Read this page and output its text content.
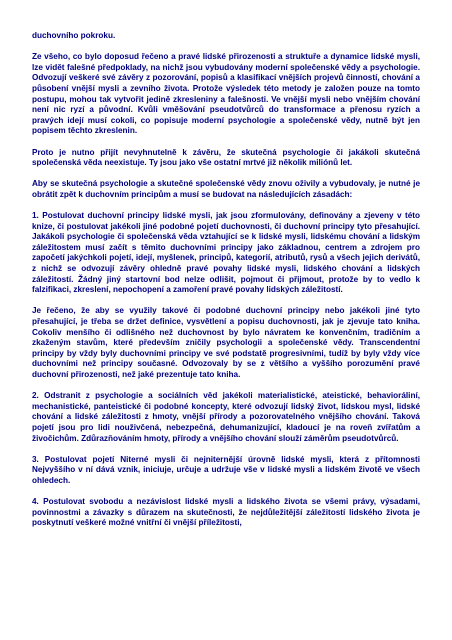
duchovního pokroku.

Ze všeho, co bylo doposud řečeno a pravé lidské přirozenosti a struktuře a dynamice lidské mysli, lze vidět falešné předpoklady, na nichž jsou vybudovány moderní společenské vědy a psychologie. Odvozují veškeré své závěry z pozorování, popisů a klasifikací vnějších projevů činností, chování a působení vnější mysli a zevního života. Protože výsledek této metody je založen pouze na tomto postupu, mohou tak vytvořit jedině zkresleniny a falešnosti. Ve vnější mysli nebo vnějším chování není nic ryzí a původní. Kvůli vměšování pseudotvůrců do transformace a přenosu ryzích a pravých idejí musí cokoli, co popisuje moderní psychologie a společenské vědy, nutně být jen popisem těchto zkreslenin.

Proto je nutno přijít nevyhnutelně k závěru, že skutečná psychologie či jakákoli skutečná společenská věda neexistuje. Ty jsou jako vše ostatní mrtvé již několik miliónů let.

Aby se skutečná psychologie a skutečné společenské vědy znovu oživily a vybudovaly, je nutné je obrátit zpět k duchovním principům a musí se budovat na následujících zásadách:

1. Postulovat duchovní principy lidské mysli, jak jsou zformulovány, definovány a zjeveny v této knize, či postulovat jakékoli jiné podobné pojetí duchovnosti, či duchovní principy tyto přesahující. Jakákoli psychologie či společenská věda vztahující se k lidské mysli, lidskému chování a lidským záležitostem musí začít s těmito duchovními principy jako základnou, centrem a zdrojem pro započetí jakýchkoli pojetí, idejí, myšlenek, principů, kategorií, atributů, rysů a všech jejich derivátů, z nichž se odvozují závěry ohledně pravé povahy lidské mysli, lidského chování a lidských záležitostí. Žádný jiný startovní bod nelze odlišit, pojmout či přijmout, protože by to vedlo k falzifikaci, zkreslení, nepochopení a zamoření pravé povahy lidských záležitostí.

Je řečeno, že aby se využily takové či podobné duchovní principy nebo jakékoli jiné tyto přesahující, je třeba se držet definice, vysvětlení a popisu duchovnosti, jak je zjevuje tato kniha. Cokoliv menšího či odlišného než duchovnost by bylo návratem ke konvenčním, tradičním a zkaženým stavům, které především zničily psychologii a společenské vědy. Transcendentní principy by vždy byly duchovními principy ve své podstatě progresivními, tudíž by byly vždy více duchovními než principy současné. Odvozovaly by se z většího a vyššího porozumění pravé duchovní přirozenosti, než jaké prezentuje tato kniha.

2. Odstranit z psychologie a sociálních věd jakékoli materialistické, ateistické, behavioráliní, mechanistické, panteistické či podobné koncepty, které odvozují lidský život, lidskou mysl, lidské chování a lidské záležitosti z hmoty, vnější přírody a pozorovatelného vnějšího chování. Taková pojetí jsou pro lidi nouživčená, nebezpečná, dehumanizující, kladoucí je na roveň zvířatům a živočichům. Zdůrazňováním hmoty, přírody a vnějšího chování slouží záměrům pseudotvůrců.

3. Postulovat pojetí Niterné mysli či nejniternější úrovně lidské mysli, která z přítomnosti Nejvyššího v ní dává vznik, iniciuje, určuje a udržuje vše v lidské mysli a lidském životě ve všech ohledech.

4. Postulovat svobodu a nezávislost lidské mysli a lidského života se všemi právy, výsadami, povinnostmi a závazky s důrazem na skutečnosti, že nejdůležitější záležitostí lidského života je poskytnutí veškeré možné vnitřní či vnější příležitosti,
